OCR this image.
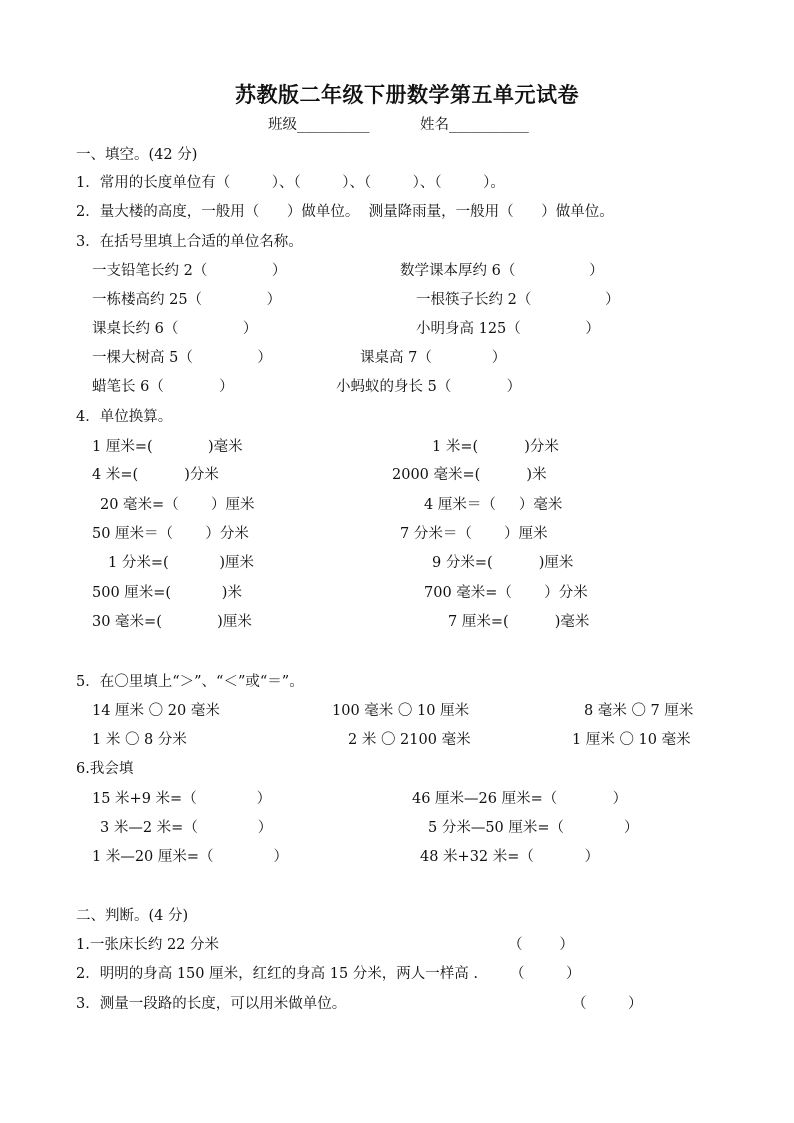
苏教版二年级下册数学第五单元试卷
班级__________	姓名___________
一、填空。(42 分)
1．常用的长度单位有（         ）、（         ）、（         ）、（         ）。
2．量大楼的高度，一般用（      ）做单位。  测量降雨量，一般用（      ）做单位。
3．在括号里填上合适的单位名称。
一支铅笔长约 2（              ）	数学课本厚约 6（                ）
一栋楼高约 25（              ）	一根筷子长约 2（                ）
课桌长约 6（              ）	小明身高 125（              ）
一棵大树高 5（              ）	课桌高 7（             ）
蜡笔长 6（            ）	小蚂蚁的身长 5（            ）
4．单位换算。
1 厘米=(            )毫米	1 米=(          )分米
4 米=(          )分米	2000 毫米=(          )米
20 毫米=（       ）厘米	4 厘米＝（     ）毫米
50 厘米＝（       ）分米	7 分米＝（       ）厘米
1 分米=(           )厘米	9 分米=(          )厘米
500 厘米=(           )米	700 毫米=（       ）分米
30 毫米=(            )厘米	7 厘米=(          )毫米
5．在〇里填上“＞”、“＜”或“＝”。
14 厘米 〇 20 毫米	100 毫米 〇 10 厘米	8 毫米 〇 7 厘米
1 米 〇 8 分米	2 米 〇 2100 毫米	1 厘米 〇 10 毫米
6.我会填
15 米+9 米=（             ）	46 厘米—26 厘米=（            ）
3 米—2 米=（             ）	5 分米—50 厘米=（             ）
1 米—20 厘米=（             ）	48 米+32 米=（           ）
二、判断。(4 分)
1.一张床长约 22 分米	（        ）
2．明明的身高 150 厘米，红红的身高 15 分米，两人一样高 . （         ）
3．测量一段路的长度，可以用米做单位。	（         ）
